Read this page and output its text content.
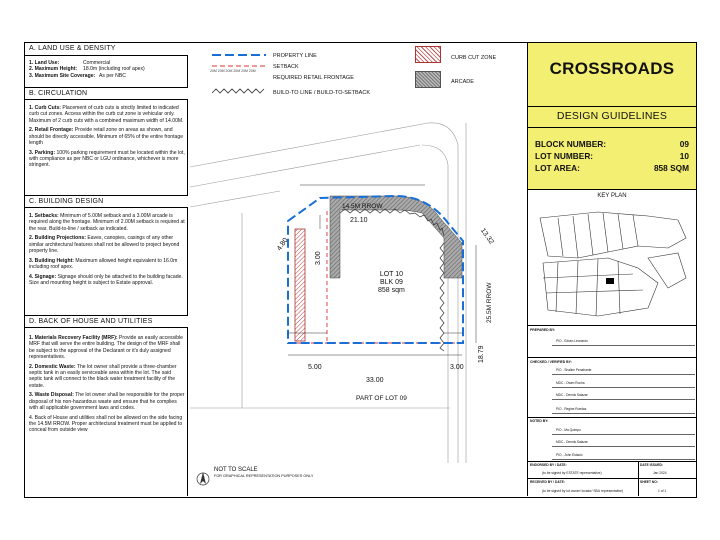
A. LAND USE & DENSITY
1. Land Use:	Commercial
2. Maximum Height:	18.0m (including roof apex)
3. Maximum Site Coverage: As per NBC
B. CIRCULATION

1. Curb Cuts: Placement of curb cuts is strictly limited to indicated curb cut zones. Access within the curb cut zone is vehicular only. Maximum of 2 curb cuts with a combined maximum width of 14.00M.

2. Retail Frontage: Provide retail zone on areas as shown, and should be directly accessible. Minimum of 65% of the entire frontage length

3. Parking: 100% parking requirement must be located within the lot, with compliance as per NBC or LGU ordinance, whichever is more stringent.

C. BUILDING DESIGN

1. Setbacks: Minimum of 5.00M setback and a 3.00M arcade is required along the frontage. Minimum of 2.00M setback is required at the rear. Build-to-line / setback as indicated.

2. Building Projections: Eaves, canopies, casings of any other similar architectural features shall not be allowed to project beyond property line.

3. Building Height: Maximum allowed height equivalent to 16.0m including roof apex.

4. Signage: Signage should only be attached to the building facade. Size and mounting height is subject to Estate approval.

D. BACK OF HOUSE AND UTILITIES

1. Materials Recovery Facility (MRF): Provide an easily accessible MRF that will serve the entire building. The design of the MRF shall be subject to the approval of the Declarant or it's duly assigned representatives.

2. Domestic Waste: The lot owner shall provide a three-chamber septic tank in an easily serviceable area within the lot. The said septic tank will connect to the black water treatment facility of the estate.

3. Waste Disposal: The lot owner shall be responsible for the proper disposal of his non-hazardous waste and ensure that he complies with all applicable government laws and codes.

4. Back of House and utilities shall not be allowed on the side facing the 14.5M RROW. Proper architectural treatment must be applied to conceal from outside view

20M 20M 20M 20M 20M 20M
PROPERTY LINE
SETBACK
REQUIRED RETAIL FRONTAGE
BUILD-TO LINE / BUILD-TO-SETBACK
CURB CUT ZONE
ARCADE
14.5M RROW
25.5M RROW
21.10
4.80	13.32
18.79
3.00
5.00	3.00
33.00
LOT 10
BLK 09
858 sqm
PART OF LOT 09
NOT TO SCALE
FOR GRAPHICAL REPRESENTATION PURPOSES ONLY
CROSSROADS
DESIGN GUIDELINES
BLOCK NUMBER:	09
LOT NUMBER:	10
LOT AREA:	858 SQM
KEY PLAN
PREPARED BY:
PIO - Edsen Leonardo
CHECKED / VERIFIED BY:
PIO - Shaline Penafrante
MDC - Owen Rocha
MDC - Dennis Salazar
PIO - Regine Ruedas
NOTED BY:
PIO - Ma Quimpo
MDC - Dennis Salazar
PIO - John Estacio
ENDORSED BY / DATE:	DATE ISSUED:
(to be signed by ESTATE representative)	Jan 2024
RECEIVED BY / DATE:	SHEET NO:
(to be signed by lot owner/ locator/ SBU representative)	1 of 1
